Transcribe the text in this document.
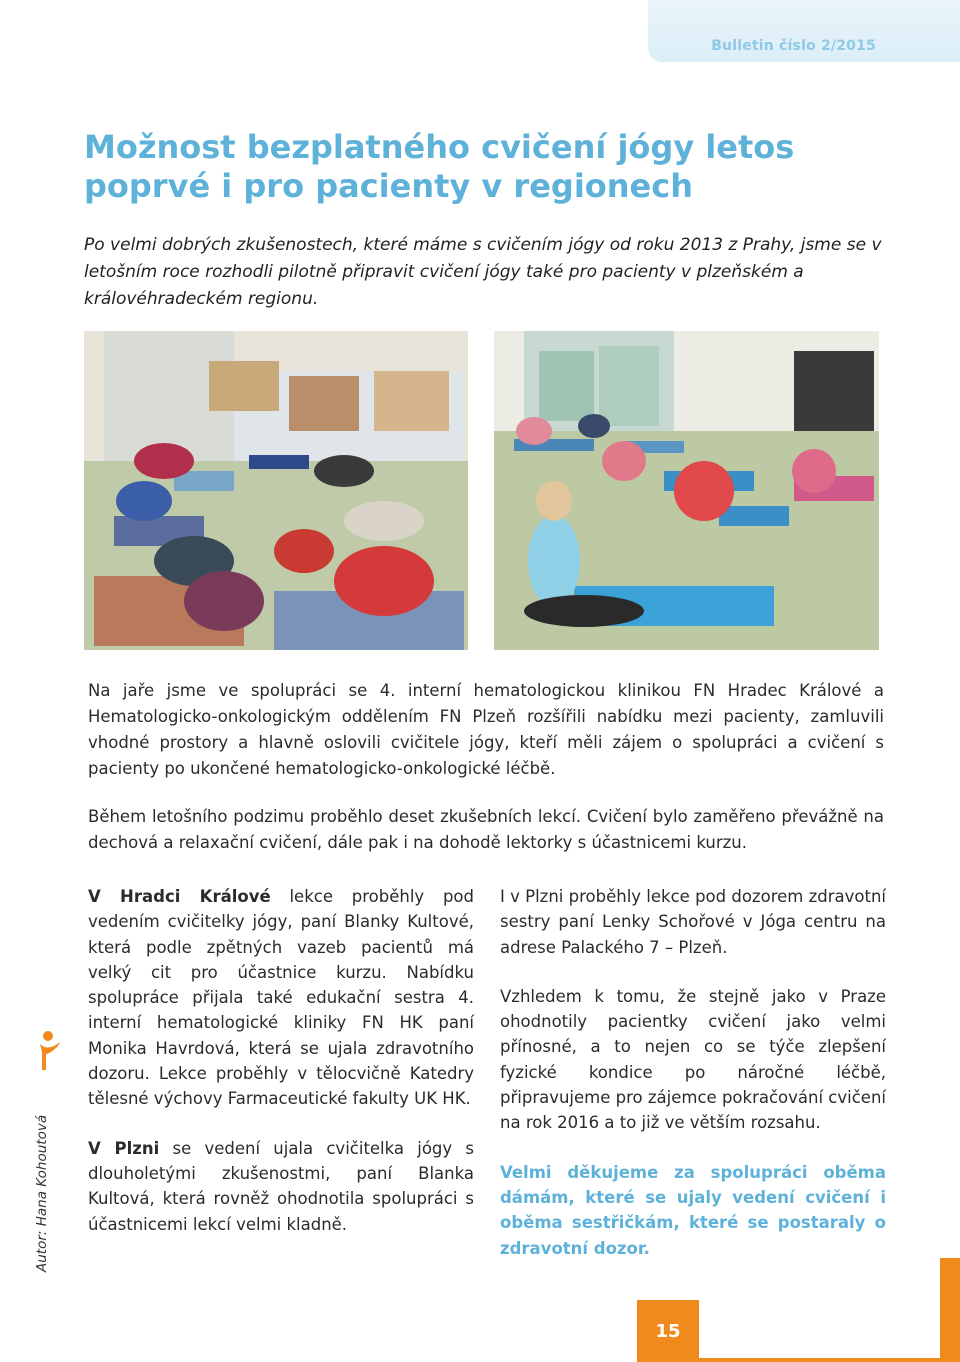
Bulletin číslo 2/2015
Možnost bezplatného cvičení jógy letos
poprvé i pro pacienty v regionech
Po velmi dobrých zkušenostech, které máme s cvičením jógy od roku 2013 z Prahy, jsme se v letošním roce rozhodli pilotně připravit cvičení jógy také pro pacienty v plzeňském a královéhradeckém regionu.
Na jaře jsme ve spolupráci se 4. interní hematologickou klinikou FN Hradec Králové a Hematologicko-onkologickým oddělením FN Plzeň rozšířili nabídku mezi pacienty, zamluvili vhodné prostory a hlavně oslovili cvičitele jógy, kteří měli zájem o spolupráci a cvičení s pacienty po ukončené hematologicko-onkologické léčbě.
Během letošního podzimu proběhlo deset zkušebních lekcí. Cvičení bylo zaměřeno převážně na dechová a relaxační cvičení, dále pak i na dohodě lektorky s účastnicemi kurzu.

V Hradci Králové lekce proběhly pod vedením cvičitelky jógy, paní Blanky Kultové, která podle zpětných vazeb pacientů má velký cit pro účastnice kurzu. Nabídku spolupráce přijala také edukační sestra 4. interní hematologické kliniky FN HK paní Monika Havrdová, která se ujala zdravotního dozoru. Lekce proběhly v tělocvičně Katedry tělesné výchovy Farmaceutické fakulty UK HK.

V Plzni se vedení ujala cvičitelka jógy s dlouholetými zkušenostmi, paní Blanka Kultová, která rovněž ohodnotila spolupráci s účastnicemi lekcí velmi kladně.

I v Plzni proběhly lekce pod dozorem zdravotní sestry paní Lenky Schořové v Jóga centru na adrese Palackého 7 – Plzeň.

Vzhledem k tomu, že stejně jako v Praze ohodnotily pacientky cvičení jako velmi přínosné, a to nejen co se týče zlepšení fyzické kondice po náročné léčbě, připravujeme pro zájemce pokračování cvičení na rok 2016 a to již ve větším rozsahu.

Velmi děkujeme za spolupráci oběma dámám, které se ujaly vedení cvičení i oběma sestřičkám, které se postaraly o zdravotní dozor.

Autor: Hana Kohoutová
15
